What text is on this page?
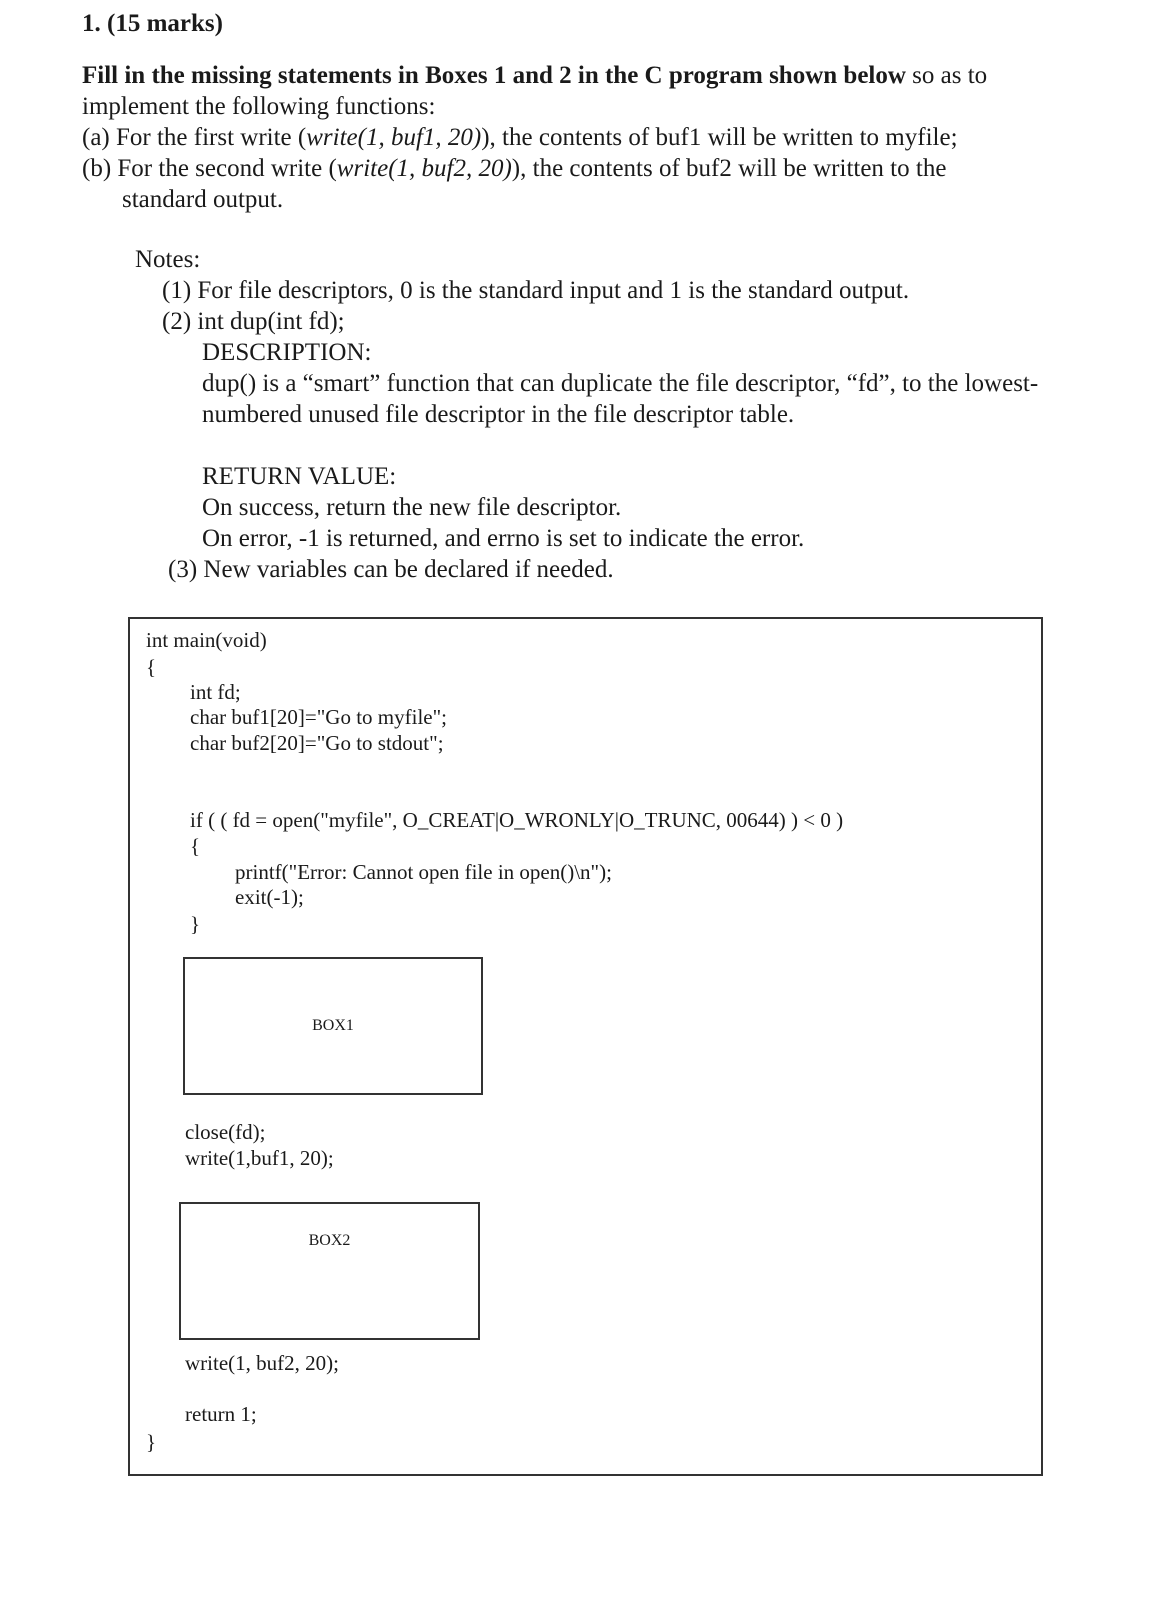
1. (15 marks)
Fill in the missing statements in Boxes 1 and 2 in the C program shown below so as to
implement the following functions:
(a) For the first write (write(1, buf1, 20)), the contents of buf1 will be written to myfile;
(b) For the second write (write(1, buf2, 20)), the contents of buf2 will be written to the
standard output.
Notes:
(1) For file descriptors, 0 is the standard input and 1 is the standard output.
(2) int dup(int fd);
DESCRIPTION:
dup() is a “smart” function that can duplicate the file descriptor, “fd”, to the lowest-
numbered unused file descriptor in the file descriptor table.
RETURN VALUE:
On success, return the new file descriptor.
On error, -1 is returned, and errno is set to indicate the error.
(3) New variables can be declared if needed.
int main(void)
{
int fd;
char buf1[20]="Go to myfile";
char buf2[20]="Go to stdout";
if ( ( fd = open("myfile", O_CREAT|O_WRONLY|O_TRUNC, 00644) ) < 0 )
{
printf("Error: Cannot open file in open()\n");
exit(-1);
}
BOX1
close(fd);
write(1,buf1, 20);
BOX2
write(1, buf2, 20);
return 1;
}
